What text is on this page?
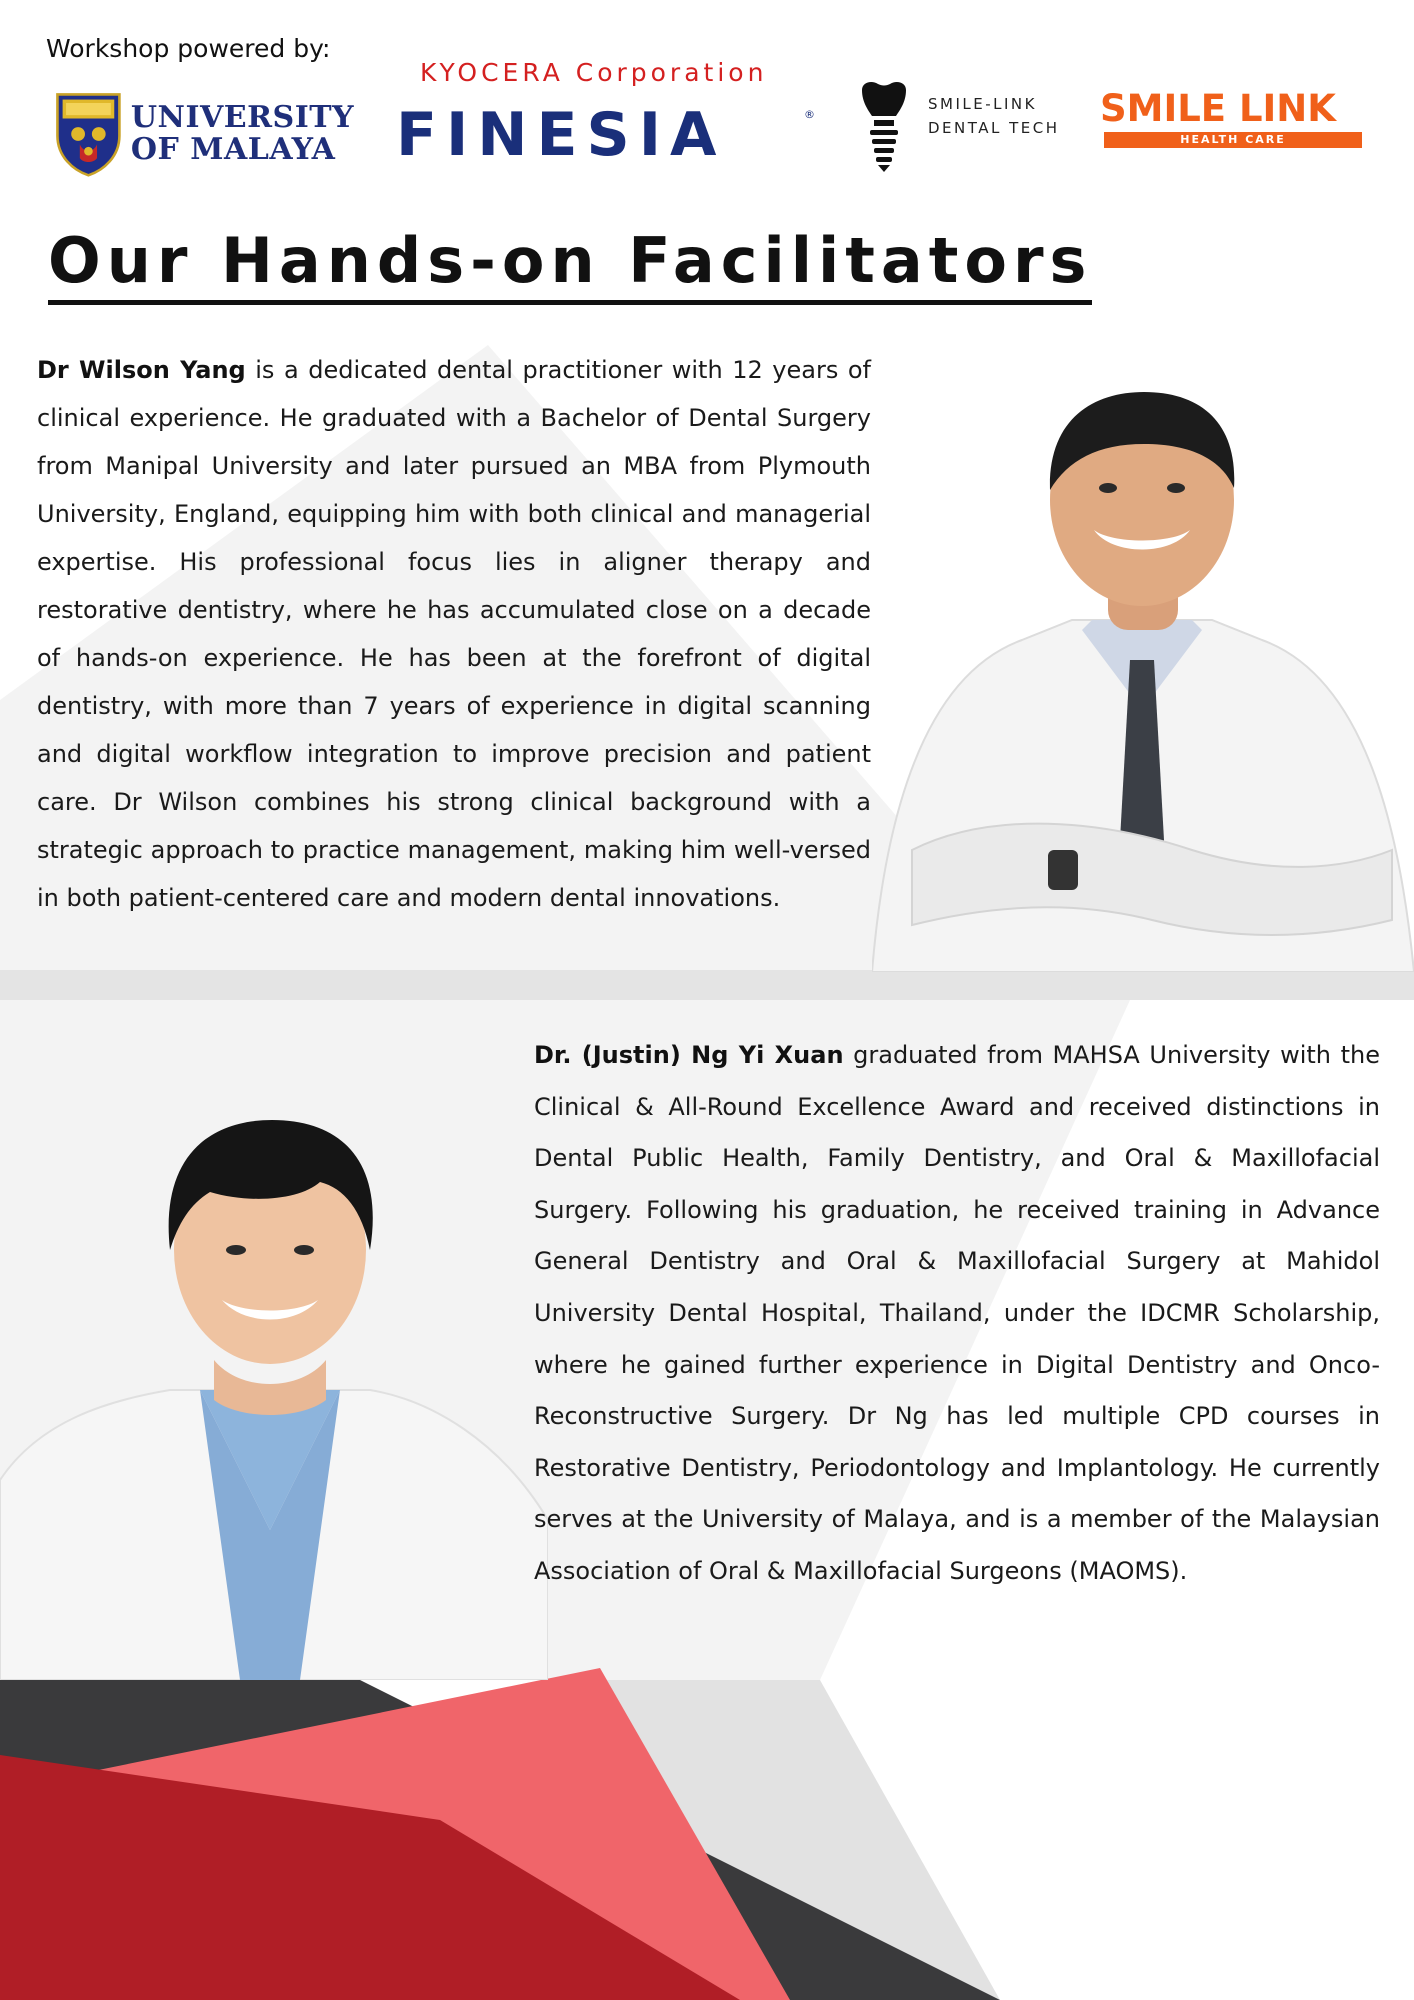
Workshop powered by:
UNIVERSITY
OF MALAYA
KYOCERA Corporation
FINESIA	®
SMILE-LINK
DENTAL TECH SMILE LINK
HEALTH CARE
Our Hands-on Facilitators
Dr Wilson Yang is a dedicated dental practitioner with 12 years of clinical experience. He graduated with a Bachelor of Dental Surgery from Manipal University and later pursued an MBA from Plymouth University, England, equipping him with both clinical and managerial expertise. His professional focus lies in aligner therapy and restorative dentistry, where he has accumulated close on a decade of hands-on experience. He has been at the forefront of digital dentistry, with more than 7 years of experience in digital scanning and digital workflow integration to improve precision and patient care. Dr Wilson combines his strong clinical background with a strategic approach to practice management, making him well-versed in both patient-centered care and modern dental innovations.
Dr. (Justin) Ng Yi Xuan graduated from MAHSA University with the Clinical & All-Round Excellence Award and received distinctions in Dental Public Health, Family Dentistry, and Oral & Maxillofacial Surgery. Following his graduation, he received training in Advance General Dentistry and Oral & Maxillofacial Surgery at Mahidol University Dental Hospital, Thailand, under the IDCMR Scholarship, where he gained further experience in Digital Dentistry and Onco-Reconstructive Surgery. Dr Ng has led multiple CPD courses in Restorative Dentistry, Periodontology and Implantology. He currently serves at the University of Malaya, and is a member of the Malaysian Association of Oral & Maxillofacial Surgeons (MAOMS).
